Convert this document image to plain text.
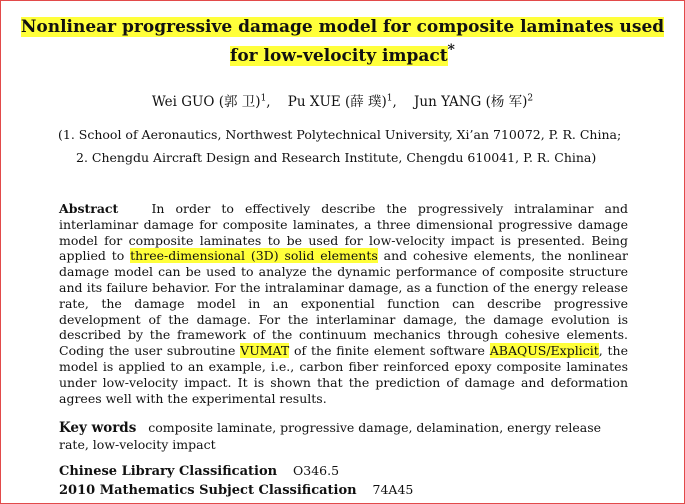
Nonlinear progressive damage model for composite laminates used
for low-velocity impact*
Wei GUO (郭 卫)$^1$,    Pu XUE (薛 璞)$^1$,    Jun YANG (杨 军)$^2$
(1. School of Aeronautics, Northwest Polytechnical University, Xi’an 710072, P. R. China;
2. Chengdu Aircraft Design and Research Institute, Chengdu 610041, P. R. China)
Abstract	In order to effectively describe the progressively intralaminar and interlaminar damage for composite laminates, a three dimensional progressive damage model for composite laminates to be used for low-velocity impact is presented. Being applied to three-dimensional (3D) solid elements and cohesive elements, the nonlinear damage model can be used to analyze the dynamic performance of composite structure and its failure behavior. For the intralaminar damage, as a function of the energy release rate, the damage model in an exponential function can describe progressive development of the damage. For the interlaminar damage, the damage evolution is described by the framework of the continuum mechanics through cohesive elements. Coding the user subroutine VUMAT of the finite element software ABAQUS/Explicit, the model is applied to an example, i.e., carbon fiber reinforced epoxy composite laminates under low-velocity impact. It is shown that the prediction of damage and deformation agrees well with the experimental results.
Key words composite laminate, progressive damage, delamination, energy release rate, low-velocity impact
Chinese Library Classification O346.5
2010 Mathematics Subject Classification 74A45
